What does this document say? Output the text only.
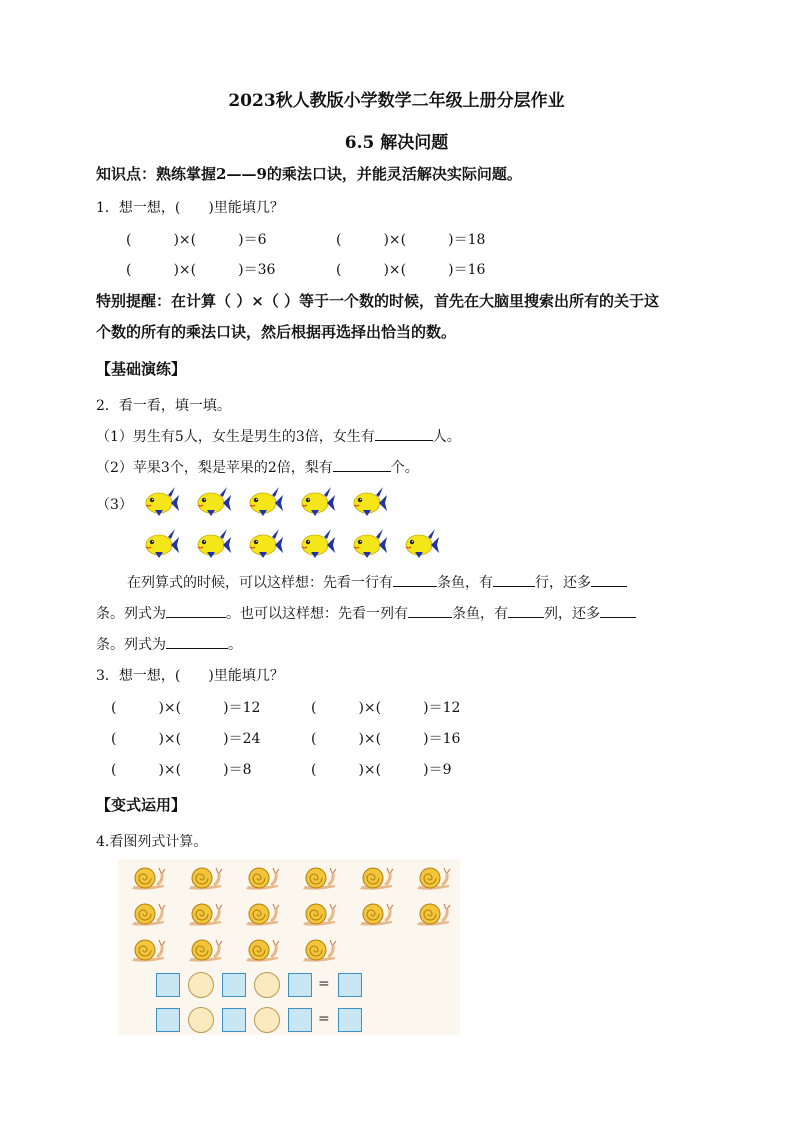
2023秋人教版小学数学二年级上册分层作业
6.5 解决问题
知识点：熟练掌握2——9的乘法口诀，并能灵活解决实际问题。
1．想一想，(　　)里能填几？
(　　　)×(　　　)＝6	(　　　)×(　　　)＝18
(　　　)×(　　　)＝36	(　　　)×(　　　)＝16
特别提醒：在计算（ ）×（ ）等于一个数的时候，首先在大脑里搜索出所有的关于这
个数的所有的乘法口诀，然后根据再选择出恰当的数。
【基础演练】
2．看一看，填一填。
（1）男生有5人，女生是男生的3倍，女生有	人。
（2）苹果3个，梨是苹果的2倍，梨有	个。
（3）
在列算式的时候，可以这样想：先看一行有	条鱼，有	行，还多
条。列式为	。也可以这样想：先看一列有	条鱼，有	列，还多
条。列式为	。
3．想一想，(　　)里能填几？
(　　　)×(　　　)＝12	(　　　)×(　　　)＝12
(　　　)×(　　　)＝24	(　　　)×(　　　)＝16
(　　　)×(　　　)＝8	(　　　)×(　　　)＝9
【变式运用】
4.看图列式计算。
=
=
